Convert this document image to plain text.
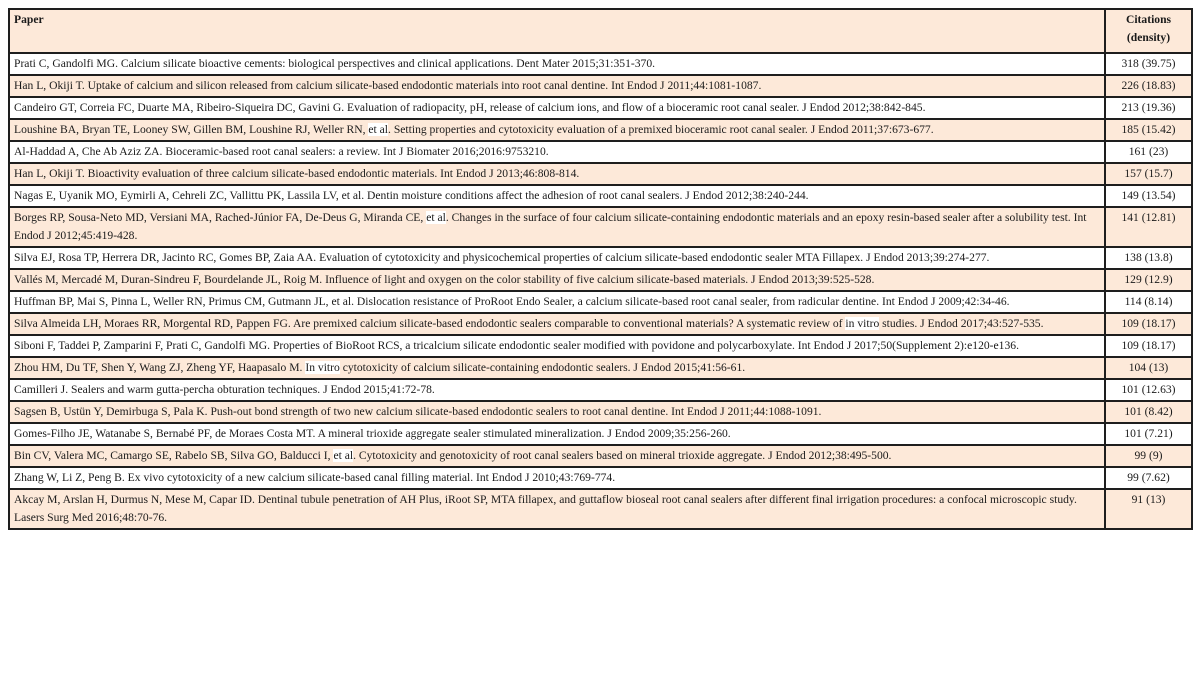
Paper	Citations
(density)
Prati C, Gandolfi MG. Calcium silicate bioactive cements: biological perspectives and clinical applications. Dent Mater 2015;31:351-370.	318 (39.75)
Han L, Okiji T. Uptake of calcium and silicon released from calcium silicate-based endodontic materials into root canal dentine. Int Endod J 2011;44:1081-1087.	226 (18.83)
Candeiro GT, Correia FC, Duarte MA, Ribeiro-Siqueira DC, Gavini G. Evaluation of radiopacity, pH, release of calcium ions, and flow of a bioceramic root canal sealer. J Endod 2012;38:842-845.	213 (19.36)
Loushine BA, Bryan TE, Looney SW, Gillen BM, Loushine RJ, Weller RN, et al. Setting properties and cytotoxicity evaluation of a premixed bioceramic root canal sealer. J Endod 2011;37:673-677.	185 (15.42)
Al-Haddad A, Che Ab Aziz ZA. Bioceramic-based root canal sealers: a review. Int J Biomater 2016;2016:9753210.	161 (23)
Han L, Okiji T. Bioactivity evaluation of three calcium silicate-based endodontic materials. Int Endod J 2013;46:808-814.	157 (15.7)
Nagas E, Uyanik MO, Eymirli A, Cehreli ZC, Vallittu PK, Lassila LV, et al. Dentin moisture conditions affect the adhesion of root canal sealers. J Endod 2012;38:240-244.	149 (13.54)
Borges RP, Sousa-Neto MD, Versiani MA, Rached-Júnior FA, De-Deus G, Miranda CE, et al. Changes in the surface of four calcium silicate-containing endodontic materials and an epoxy resin-based sealer after a solubility test. Int Endod J 2012;45:419-428.	141 (12.81)
Silva EJ, Rosa TP, Herrera DR, Jacinto RC, Gomes BP, Zaia AA. Evaluation of cytotoxicity and physicochemical properties of calcium silicate-based endodontic sealer MTA Fillapex. J Endod 2013;39:274-277.	138 (13.8)
Vallés M, Mercadé M, Duran-Sindreu F, Bourdelande JL, Roig M. Influence of light and oxygen on the color stability of five calcium silicate-based materials. J Endod 2013;39:525-528.	129 (12.9)
Huffman BP, Mai S, Pinna L, Weller RN, Primus CM, Gutmann JL, et al. Dislocation resistance of ProRoot Endo Sealer, a calcium silicate-based root canal sealer, from radicular dentine. Int Endod J 2009;42:34-46.	114 (8.14)
Silva Almeida LH, Moraes RR, Morgental RD, Pappen FG. Are premixed calcium silicate-based endodontic sealers comparable to conventional materials? A systematic review of in vitro studies. J Endod 2017;43:527-535.	109 (18.17)
Siboni F, Taddei P, Zamparini F, Prati C, Gandolfi MG. Properties of BioRoot RCS, a tricalcium silicate endodontic sealer modified with povidone and polycarboxylate. Int Endod J 2017;50(Supplement 2):e120-e136.	109 (18.17)
Zhou HM, Du TF, Shen Y, Wang ZJ, Zheng YF, Haapasalo M. In vitro cytotoxicity of calcium silicate-containing endodontic sealers. J Endod 2015;41:56-61.	104 (13)
Camilleri J. Sealers and warm gutta-percha obturation techniques. J Endod 2015;41:72-78.	101 (12.63)
Sagsen B, Ustün Y, Demirbuga S, Pala K. Push-out bond strength of two new calcium silicate-based endodontic sealers to root canal dentine. Int Endod J 2011;44:1088-1091.	101 (8.42)
Gomes-Filho JE, Watanabe S, Bernabé PF, de Moraes Costa MT. A mineral trioxide aggregate sealer stimulated mineralization. J Endod 2009;35:256-260.	101 (7.21)
Bin CV, Valera MC, Camargo SE, Rabelo SB, Silva GO, Balducci I, et al. Cytotoxicity and genotoxicity of root canal sealers based on mineral trioxide aggregate. J Endod 2012;38:495-500.	99 (9)
Zhang W, Li Z, Peng B. Ex vivo cytotoxicity of a new calcium silicate-based canal filling material. Int Endod J 2010;43:769-774.	99 (7.62)
Akcay M, Arslan H, Durmus N, Mese M, Capar ID. Dentinal tubule penetration of AH Plus, iRoot SP, MTA fillapex, and guttaflow bioseal root canal sealers after different final irrigation procedures: a confocal microscopic study. Lasers Surg Med 2016;48:70-76.	91 (13)
